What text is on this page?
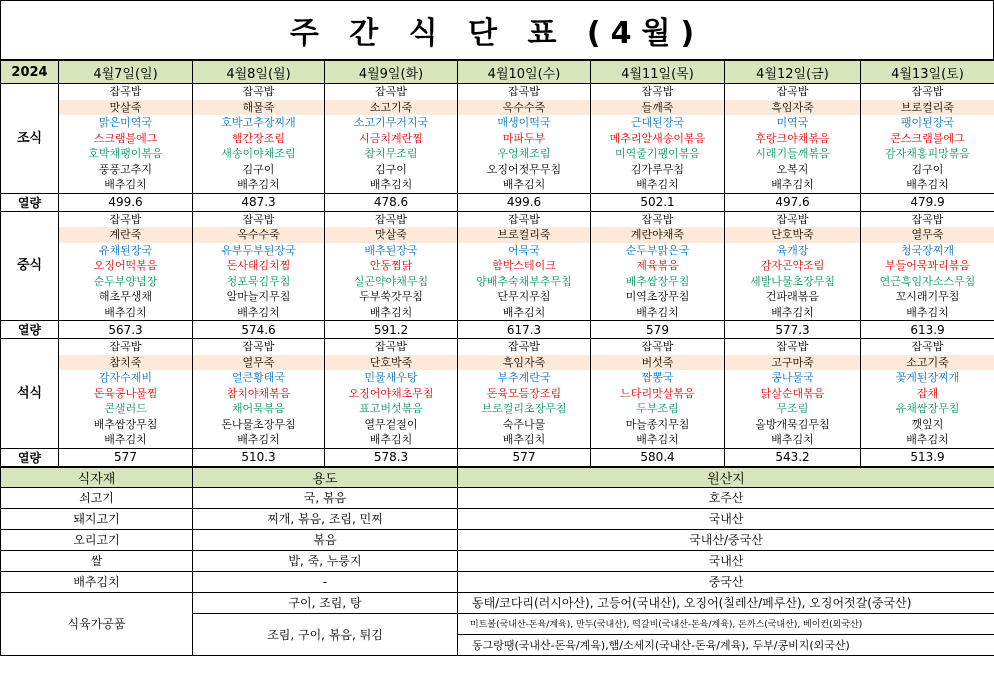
주 간 식 단 표 (4월)
2024	4월7일(일)	4월8일(월)	4월9일(화)	4월10일(수)	4월11일(목)	4월12일(금)	4월13일(토)
조식	잡곡밥	잡곡밥	잡곡밥	잡곡밥	잡곡밥	잡곡밥	잡곡밥
	맛살죽	해물죽	소고기죽	옥수수죽	들깨죽	흑임자죽	브로컬리죽
	맑은미역국	호박고추장찌개	소고기무거지국	매생이떡국	근대된장국	미역국	팽이된장국
	스크램블에그	햄간장조림	시금치계란찜	마파두부	메추리알새송이볶음	후랑크야채볶음	콘스크램블에그
	호박채팽이볶음	새송이야채조림	참치무조림	우엉채조림	미역줄기팽이볶음	시래기들깨볶음	감자채홍피망볶음
	풍풍고추지	김구이	김구이	오징어젓무무침	김가루무침	오복지	김구이
	배추김치	배추김치	배추김치	배추김치	배추김치	배추김치	배추김치
열량	499.6	487.3	478.6	499.6	502.1	497.6	479.9
중식	잡곡밥	잡곡밥	잡곡밥	잡곡밥	잡곡밥	잡곡밥	잡곡밥
	계란죽	옥수수죽	맛살죽	브로컬리죽	계란야채죽	단호박죽	열무죽
	유채된장국	유부두부된장국	배추된장국	어묵국	순두부맑은국	육개장	청국장찌개
	오징어떡볶음	돈사태김치찜	안동찜닭	함박스테이크	제육볶음	감자곤약조림	부들어묵꽈리볶음
	순두부양념장	청포묵김무침	실곤약야채무침	양배추숙채부추무침	배추쌈장무침	세발나물초장무침	연근흑임자소스무침
	해초무생채	알마늘지무침	두부쑥갓무침	단무지무침	미역초장무침	건파래볶음	꼬시래기무침
	배추김치	배추김치	배추김치	배추김치	배추김치	배추김치	배추김치
열량	567.3	574.6	591.2	617.3	579	577.3	613.9
석식	잡곡밥	잡곡밥	잡곡밥	잡곡밥	잡곡밥	잡곡밥	잡곡밥
	참치죽	열무죽	단호박죽	흑임자죽	버섯죽	고구마죽	소고기죽
	감자수제비	얼큰황태국	민물새우탕	부추계란국	짬뽕국	콩나물국	꽃게된장찌개
	돈육콩나물찜	참치야채볶음	오징어야채초무침	돈육모듬장조림	느타리맛살볶음	닭살순대볶음	잡채
	콘샐러드	채어묵볶음	표고버섯볶음	브로컬리초장무침	두부조림	무조림	유채쌈장무침
	배추쌈장무침	돈나물초장무침	열무겉절이	숙주나물	마늘종지무침	올방개묵김무침	깻잎지
	배추김치	배추김치	배추김치	배추김치	배추김치	배추김치	배추김치
열량	577	510.3	578.3	577	580.4	543.2	513.9
식자재	용도	원산지
쇠고기	국, 볶음	호주산
돼지고기	찌개, 볶음, 조림, 민찌	국내산
오리고기	볶음	국내산/중국산
쌀	밥, 죽, 누룽지	국내산
배추김치	-	중국산
식육가공품	구이, 조림, 탕	동태/코다리(러시아산), 고등어(국내산), 오징어(칠레산/페루산), 오징어젓갈(중국산)
	조림, 구이, 볶음, 튀김	미트볼(국내산-돈육/계육), 만두(국내산), 떡갈비(국내산-돈육/계육), 돈까스(국내산), 베이컨(외국산)
		동그랑땡(국내산-돈육/계육),햄/소세지(국내산-돈육/계육), 두부/콩비지(외국산)
